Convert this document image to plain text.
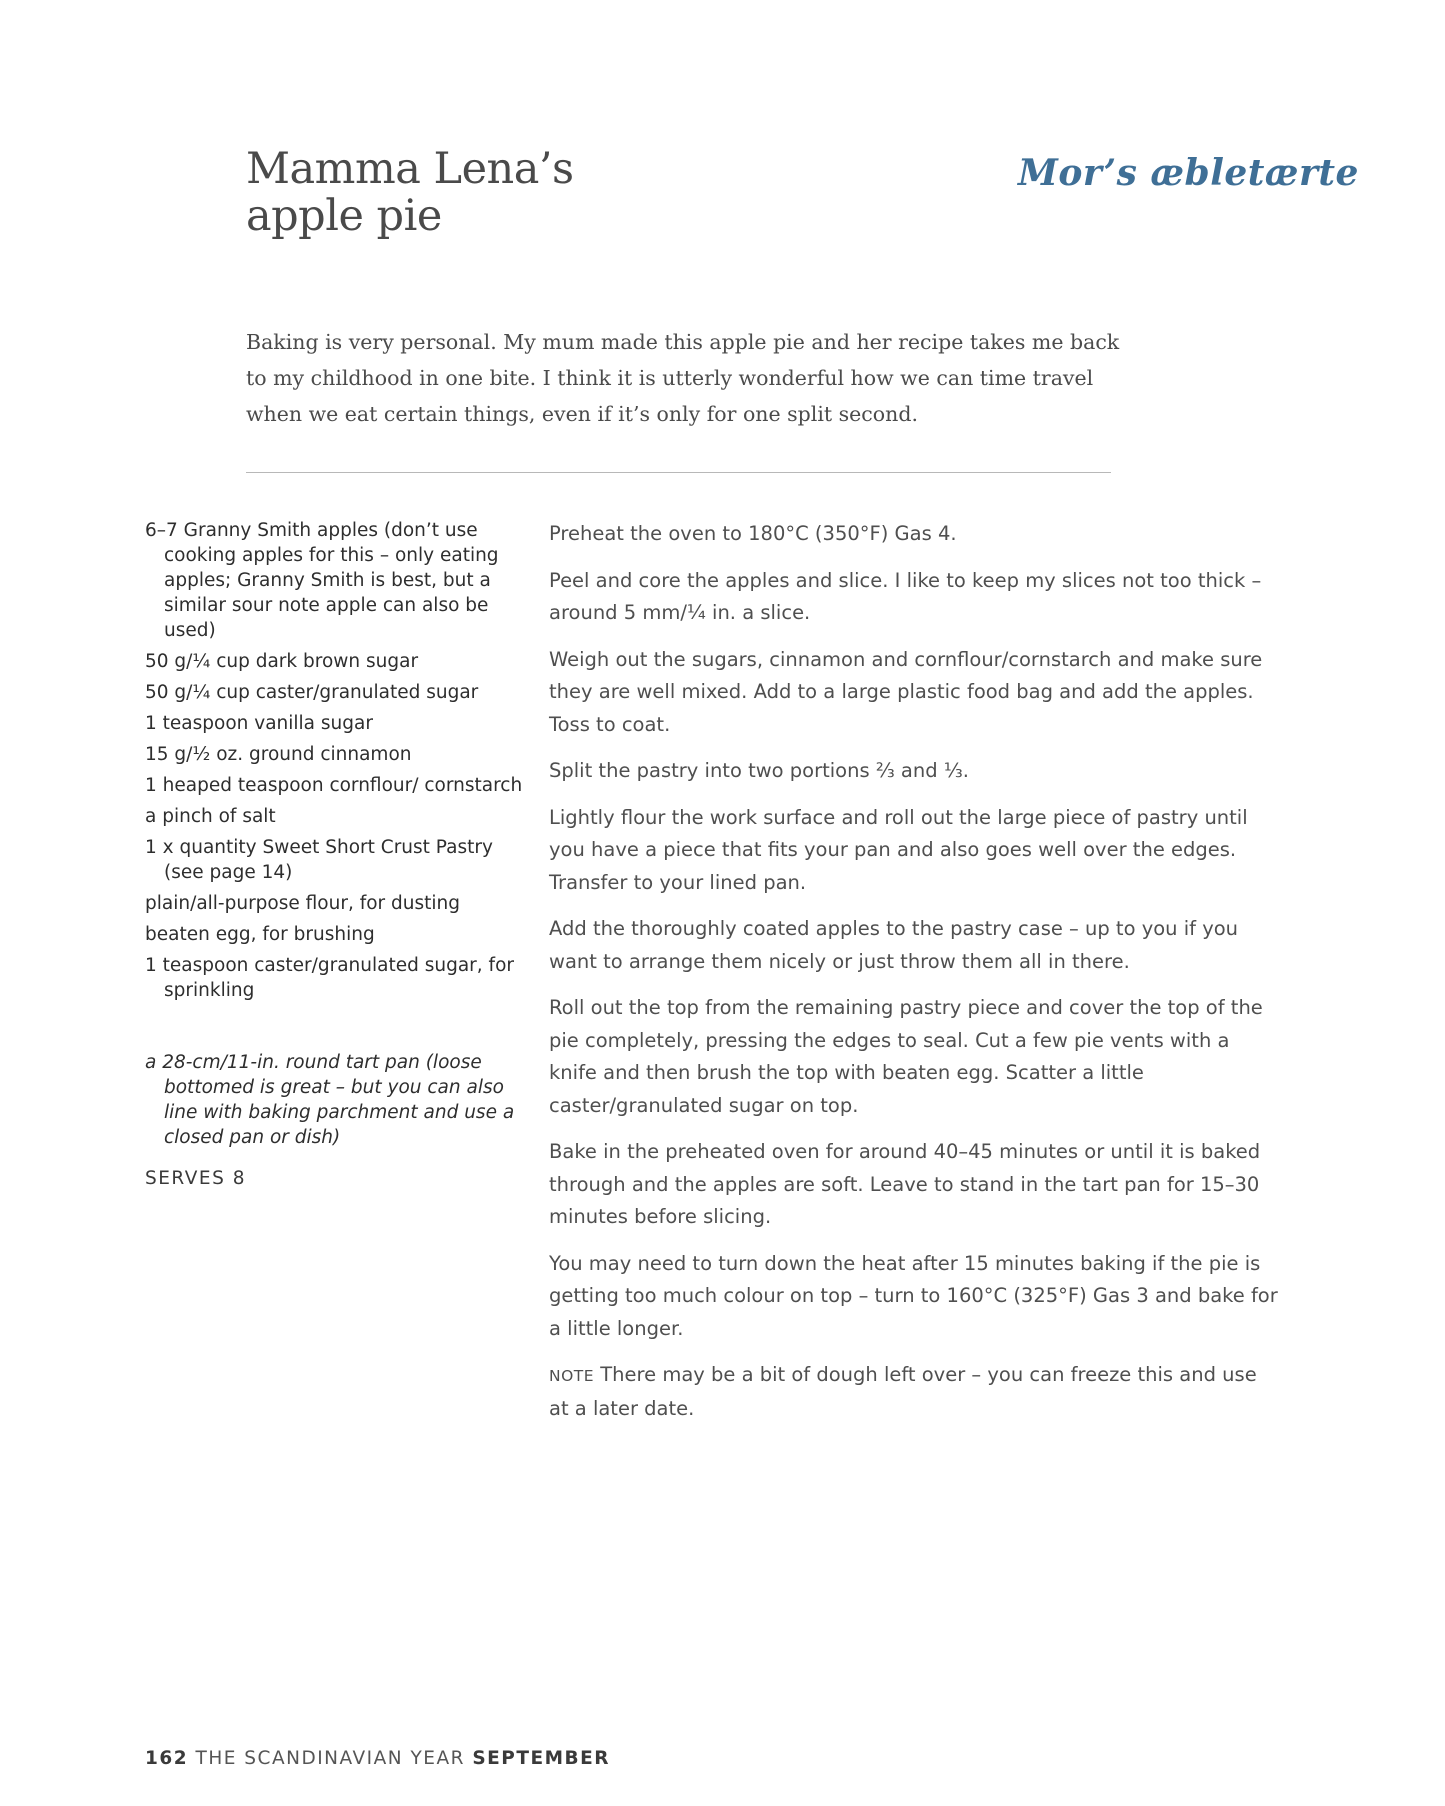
Mamma Lena’s
apple pie
Mor’s æbletærte

Baking is very personal. My mum made this apple pie and her recipe takes me back
to my childhood in one bite. I think it is utterly wonderful how we can time travel
when we eat certain things, even if it’s only for one split second.

6–7 Granny Smith apples (don’t use cooking apples for this – only eating apples; Granny Smith is best, but a similar sour note apple can also be used)
50 g/¼ cup dark brown sugar
50 g/¼ cup caster/granulated sugar
1 teaspoon vanilla sugar
15 g/½ oz. ground cinnamon
1 heaped teaspoon cornflour/ cornstarch
a pinch of salt
1 x quantity Sweet Short Crust Pastry (see page 14)
plain/all-purpose flour, for dusting
beaten egg, for brushing
1 teaspoon caster/granulated sugar, for sprinkling

a 28-cm/11-in. round tart pan (loose bottomed is great – but you can also line with baking parchment and use a closed pan or dish)

SERVES 8

Preheat the oven to 180°C (350°F) Gas 4.

Peel and core the apples and slice. I like to keep my slices not too thick – around 5 mm/¼ in. a slice.

Weigh out the sugars, cinnamon and cornflour/cornstarch and make sure they are well mixed. Add to a large plastic food bag and add the apples. Toss to coat.

Split the pastry into two portions ⅔ and ⅓.

Lightly flour the work surface and roll out the large piece of pastry until you have a piece that fits your pan and also goes well over the edges. Transfer to your lined pan.

Add the thoroughly coated apples to the pastry case – up to you if you want to arrange them nicely or just throw them all in there.

Roll out the top from the remaining pastry piece and cover the top of the pie completely, pressing the edges to seal. Cut a few pie vents with a knife and then brush the top with beaten egg. Scatter a little caster/granulated sugar on top.

Bake in the preheated oven for around 40–45 minutes or until it is baked through and the apples are soft. Leave to stand in the tart pan for 15–30 minutes before slicing.

You may need to turn down the heat after 15 minutes baking if the pie is getting too much colour on top – turn to 160°C (325°F) Gas 3 and bake for a little longer.

NOTE There may be a bit of dough left over – you can freeze this and use at a later date.

162 THE SCANDINAVIAN YEAR SEPTEMBER
